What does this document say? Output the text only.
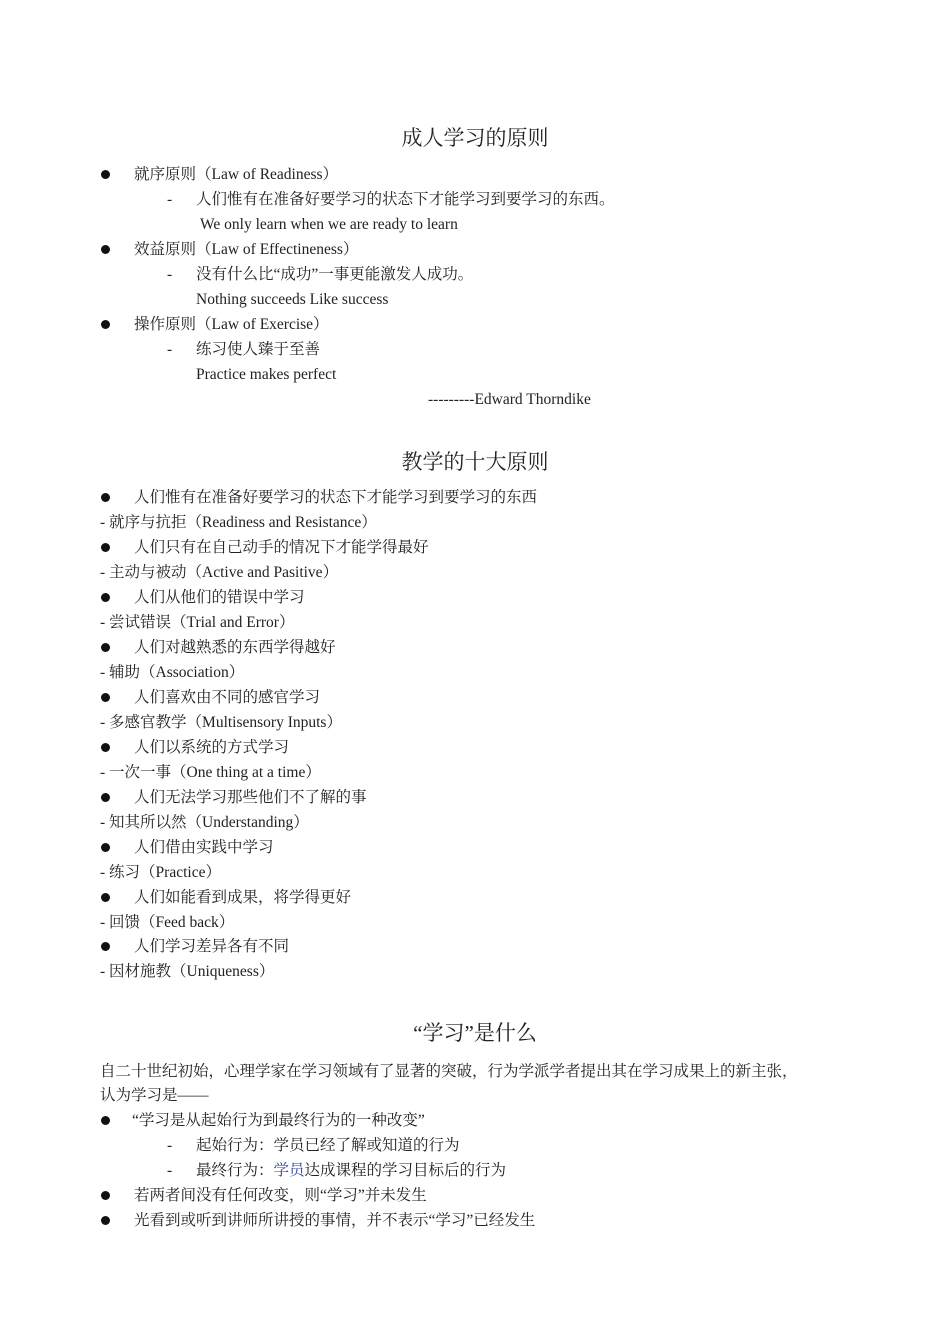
成人学习的原则
就序原则（Law of Readiness）
- 人们惟有在准备好要学习的状态下才能学习到要学习的东西。
We only learn when we are ready to learn
效益原则（Law of Effectineness）
- 没有什么比“成功”一事更能激发人成功。
Nothing succeeds Like success
操作原则（Law of Exercise）
- 练习使人臻于至善
Practice makes perfect
---------Edward Thorndike
教学的十大原则
人们惟有在准备好要学习的状态下才能学习到要学习的东西
- 就序与抗拒（Readiness and Resistance）
人们只有在自己动手的情况下才能学得最好
- 主动与被动（Active and Pasitive）
人们从他们的错误中学习
- 尝试错误（Trial and Error）
人们对越熟悉的东西学得越好
- 辅助（Association）
人们喜欢由不同的感官学习
- 多感官教学（Multisensory Inputs）
人们以系统的方式学习
- 一次一事（One thing at a time）
人们无法学习那些他们不了解的事
- 知其所以然（Understanding）
人们借由实践中学习
- 练习（Practice）
人们如能看到成果，将学得更好
- 回馈（Feed back）
人们学习差异各有不同
- 因材施教（Uniqueness）
“学习”是什么
自二十世纪初始，心理学家在学习领域有了显著的突破，行为学派学者提出其在学习成果上的新主张，
认为学习是——
“学习是从起始行为到最终行为的一种改变”
- 起始行为：学员已经了解或知道的行为
- 最终行为：学员达成课程的学习目标后的行为
若两者间没有任何改变，则“学习”并未发生
光看到或听到讲师所讲授的事情，并不表示“学习”已经发生
